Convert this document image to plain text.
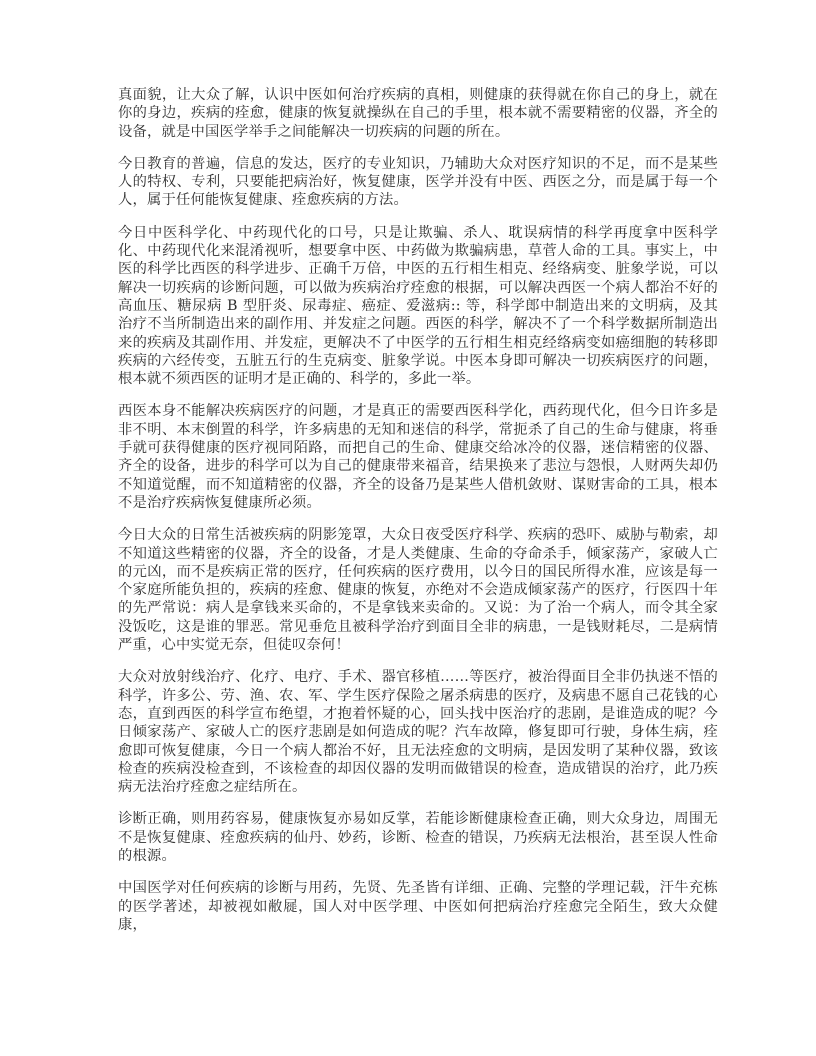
真面貌，让大众了解，认识中医如何治疗疾病的真相，则健康的获得就在你自己的身上，就在你的身边，疾病的痊愈，健康的恢复就操纵在自己的手里，根本就不需要精密的仪器，齐全的设备，就是中国医学举手之间能解决一切疾病的问题的所在。

今日教育的普遍，信息的发达，医疗的专业知识，乃辅助大众对医疗知识的不足，而不是某些人的特权、专利，只要能把病治好，恢复健康，医学并没有中医、西医之分，而是属于每一个人，属于任何能恢复健康、痊愈疾病的方法。

今日中医科学化、中药现代化的口号，只是让欺骗、杀人、耽误病情的科学再度拿中医科学化、中药现代化来混淆视听，想要拿中医、中药做为欺骗病患，草菅人命的工具。事实上，中医的科学比西医的科学进步、正确千万倍，中医的五行相生相克、经络病变、脏象学说，可以解决一切疾病的诊断问题，可以做为疾病治疗痊愈的根据，可以解决西医一个病人都治不好的高血压、糖尿病 B 型肝炎、尿毒症、癌症、爱滋病:: 等，科学郎中制造出来的文明病，及其治疗不当所制造出来的副作用、并发症之问题。西医的科学，解决不了一个科学数据所制造出来的疾病及其副作用、并发症，更解决不了中医学的五行相生相克经络病变如癌细胞的转移即疾病的六经传变，五脏五行的生克病变、脏象学说。中医本身即可解决一切疾病医疗的问题，根本就不须西医的证明才是正确的、科学的，多此一举。

西医本身不能解决疾病医疗的问题，才是真正的需要西医科学化，西药现代化，但今日许多是非不明、本末倒置的科学，许多病患的无知和迷信的科学，常扼杀了自己的生命与健康，将垂手就可获得健康的医疗视同陌路，而把自己的生命、健康交给冰冷的仪器，迷信精密的仪器、齐全的设备，进步的科学可以为自己的健康带来福音，结果换来了悲泣与怨恨，人财两失却仍不知道觉醒，而不知道精密的仪器，齐全的设备乃是某些人借机敛财、谋财害命的工具，根本不是治疗疾病恢复健康所必须。

今日大众的日常生活被疾病的阴影笼罩，大众日夜受医疗科学、疾病的恐吓、威胁与勒索，却不知道这些精密的仪器，齐全的设备，才是人类健康、生命的夺命杀手，倾家荡产，家破人亡的元凶，而不是疾病正常的医疗，任何疾病的医疗费用，以今日的国民所得水准，应该是每一个家庭所能负担的，疾病的痊愈、健康的恢复，亦绝对不会造成倾家荡产的医疗，行医四十年的先严常说：病人是拿钱来买命的，不是拿钱来卖命的。又说：为了治一个病人，而令其全家没饭吃，这是谁的罪恶。常见垂危且被科学治疗到面目全非的病患，一是钱财耗尽，二是病情严重，心中实觉无奈，但徒叹奈何！

大众对放射线治疗、化疗、电疗、手术、器官移植……等医疗，被治得面目全非仍执迷不悟的科学，许多公、劳、渔、农、军、学生医疗保险之屠杀病患的医疗，及病患不愿自己花钱的心态，直到西医的科学宣布绝望，才抱着怀疑的心，回头找中医治疗的悲剧，是谁造成的呢？今日倾家荡产、家破人亡的医疗悲剧是如何造成的呢？汽车故障，修复即可行驶，身体生病，痊愈即可恢复健康，今日一个病人都治不好，且无法痊愈的文明病，是因发明了某种仪器，致该检查的疾病没检查到，不该检查的却因仪器的发明而做错误的检查，造成错误的治疗，此乃疾病无法治疗痊愈之症结所在。

诊断正确，则用药容易，健康恢复亦易如反掌，若能诊断健康检查正确，则大众身边，周围无不是恢复健康、痊愈疾病的仙丹、妙药，诊断、检查的错误，乃疾病无法根治，甚至误人性命的根源。

中国医学对任何疾病的诊断与用药，先贤、先圣皆有详细、正确、完整的学理记载，汗牛充栋的医学著述，却被视如敝屣，国人对中医学理、中医如何把病治疗痊愈完全陌生，致大众健康，
